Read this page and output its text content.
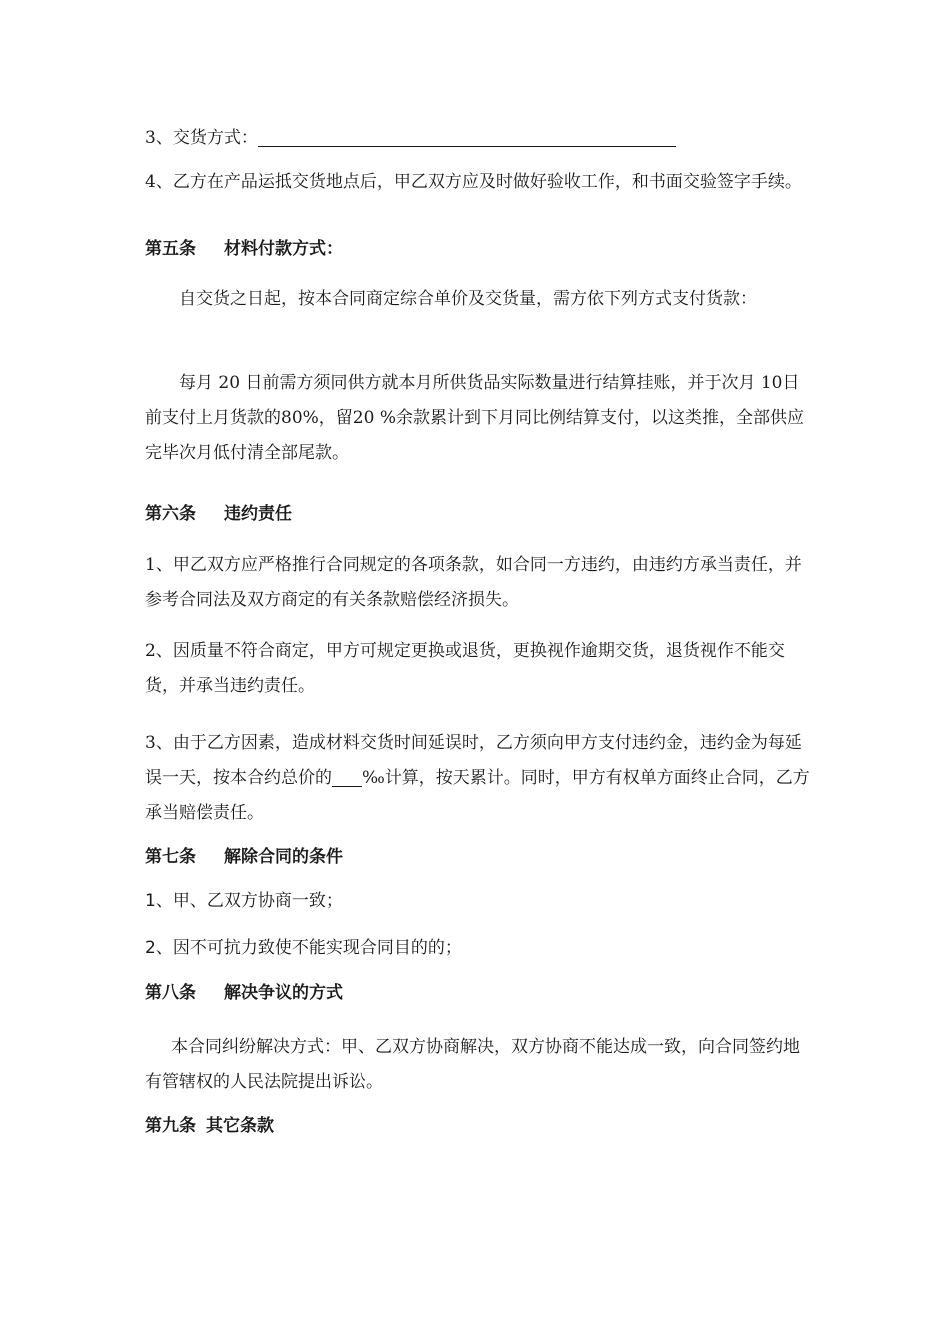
3、交货方式：

4、乙方在产品运抵交货地点后，甲乙双方应及时做好验收工作，和书面交验签字手续。

第五条 材料付款方式：

自交货之日起，按本合同商定综合单价及交货量，需方依下列方式支付货款：

每月 20 日前需方须同供方就本月所供货品实际数量进行结算挂账，并于次月 10日前支付上月货款的80%，留20 %余款累计到下月同比例结算支付，以这类推，全部供应完毕次月低付清全部尾款。

第六条 违约责任

1、甲乙双方应严格推行合同规定的各项条款，如合同一方违约，由违约方承当责任，并参考合同法及双方商定的有关条款赔偿经济损失。

2、因质量不符合商定，甲方可规定更换或退货，更换视作逾期交货，退货视作不能交货，并承当违约责任。

3、由于乙方因素，造成材料交货时间延误时，乙方须向甲方支付违约金，违约金为每延误一天，按本合约总价的 ‰计算，按天累计。同时，甲方有权单方面终止合同，乙方承当赔偿责任。

第七条 解除合同的条件

1、甲、乙双方协商一致；

2、因不可抗力致使不能实现合同目的的；

第八条 解决争议的方式

本合同纠纷解决方式：甲、乙双方协商解决，双方协商不能达成一致，向合同签约地有管辖权的人民法院提出诉讼。

第九条 其它条款
